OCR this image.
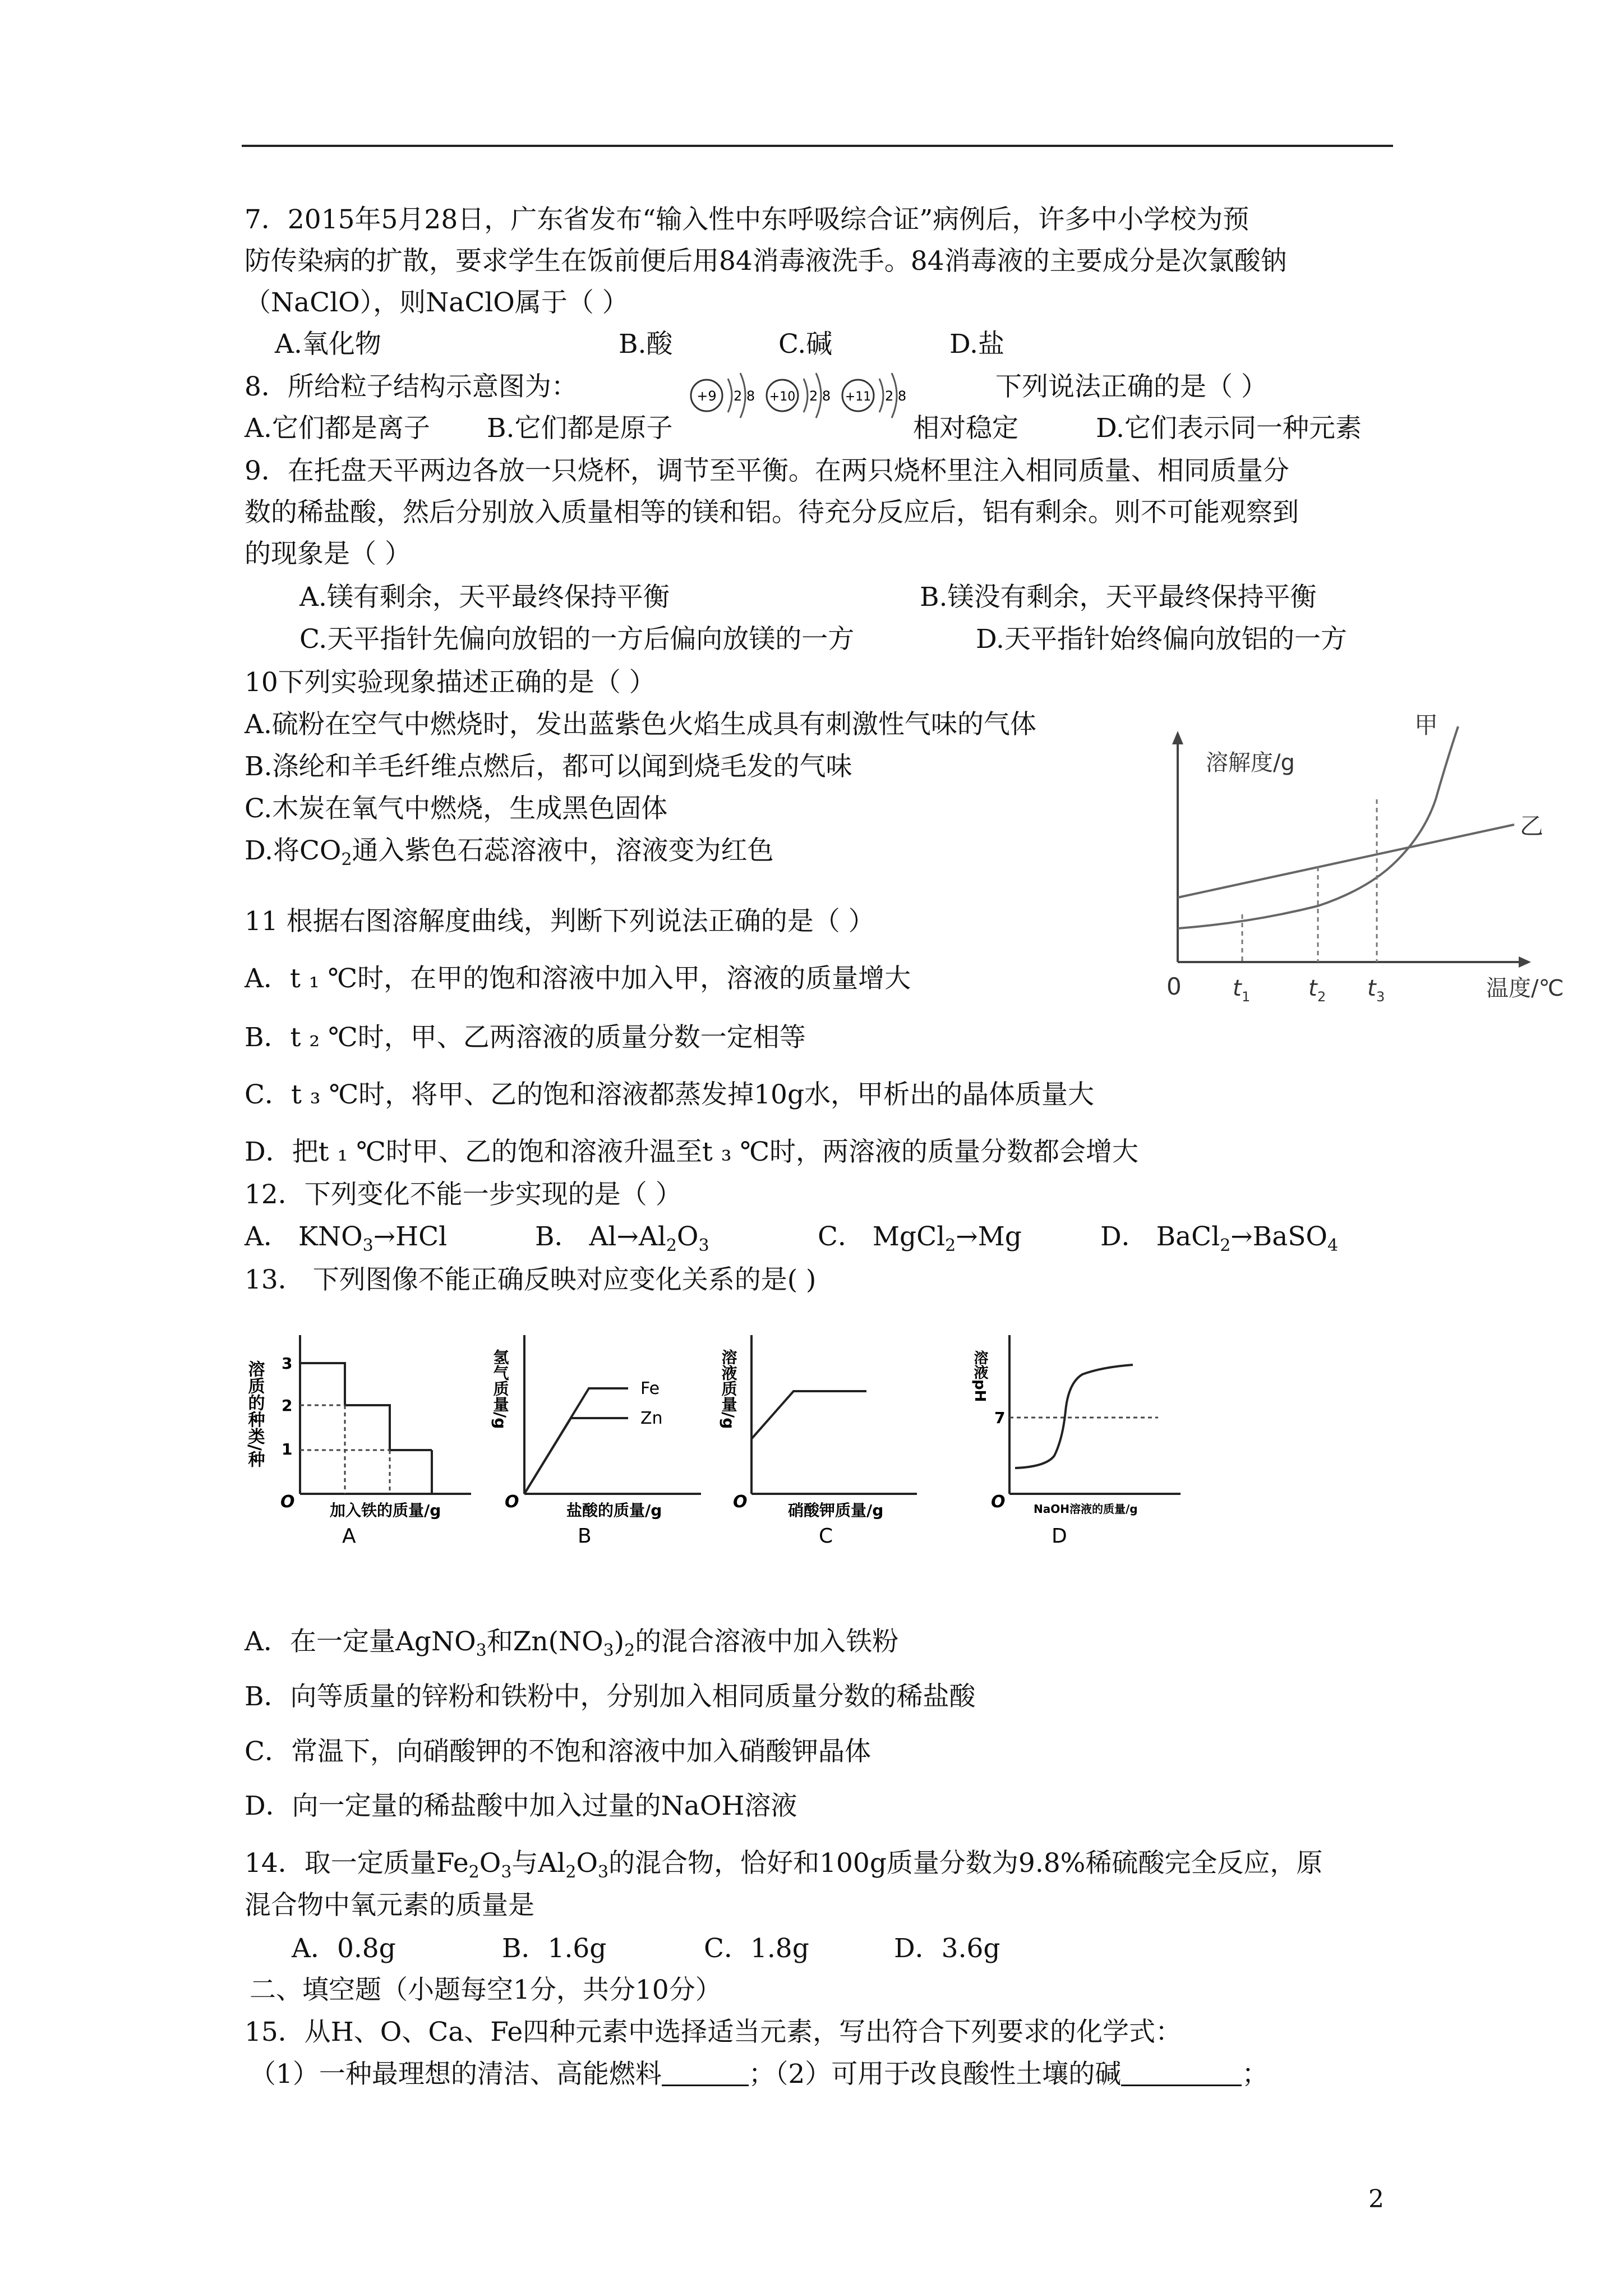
7．2015年5月28日，广东省发布“输入性中东呼吸综合证”病例后，许多中小学校为预
防传染病的扩散，要求学生在饭前便后用84消毒液洗手。84消毒液的主要成分是次氯酸钠
（NaClO），则NaClO属于（ ）
A.氧化物	B.酸	C.碱	D.盐
8．所给粒子结构示意图为：	+9 2 8 +10 2 8 +11 2 8	下列说法正确的是（ ）
A.它们都是离子 B.它们都是原子	相对稳定	D.它们表示同一种元素
9．在托盘天平两边各放一只烧杯，调节至平衡。在两只烧杯里注入相同质量、相同质量分
数的稀盐酸，然后分别放入质量相等的镁和铝。待充分反应后，铝有剩余。则不可能观察到
的现象是（ ）
A.镁有剩余，天平最终保持平衡	B.镁没有剩余，天平最终保持平衡
C.天平指针先偏向放铝的一方后偏向放镁的一方	D.天平指针始终偏向放铝的一方
10下列实验现象描述正确的是（ ）
A.硫粉在空气中燃烧时，发出蓝紫色火焰生成具有刺激性气味的气体
B.涤纶和羊毛纤维点燃后，都可以闻到烧毛发的气味
C.木炭在氧气中燃烧，生成黑色固体
D.将$CO_2$通入紫色石蕊溶液中，溶液变为红色
溶解度/g
温度/℃
0 t 1	t 2 t 3
甲
乙
11 根据右图溶解度曲线，判断下列说法正确的是（ ）
A．t ₁ ℃时，在甲的饱和溶液中加入甲，溶液的质量增大
B．t ₂ ℃时，甲、乙两溶液的质量分数一定相等
C．t ₃ ℃时，将甲、乙的饱和溶液都蒸发掉10g水，甲析出的晶体质量大
D．把t ₁ ℃时甲、乙的饱和溶液升温至t ₃ ℃时，两溶液的质量分数都会增大
12．下列变化不能一步实现的是（ ）
A． $KNO_3\to HCl$	B． $Al\to Al_2O_3$	C． MgCl$_2$→Mg	D． BaCl$_2$→BaSO$_4$
13． 下列图像不能正确反映对应变化关系的是( )
溶质的种类/种 3
2
1
O 加入铁的质量/g
A
氢气质量/g	Fe
Zn
O	盐酸的质量/g
B
溶液质量/g
O	硝酸钾质量/g
C
溶液pH
7
O	NaOH溶液的质量/g
D
A．在一定量AgNO$_3$和$Zn(NO_3)_2$的混合溶液中加入铁粉
B．向等质量的锌粉和铁粉中，分别加入相同质量分数的稀盐酸
C．常温下，向硝酸钾的不饱和溶液中加入硝酸钾晶体
D．向一定量的稀盐酸中加入过量的NaOH溶液
14．取一定质量$Fe_2O_3$与$Al_2O_3$的混合物，恰好和100g质量分数为9.8%稀硫酸完全反应，原
混合物中氧元素的质量是
A．0.8g	B．1.6g	C．1.8g	D．3.6g
二、填空题（小题每空1分，共分10分）
15．从H、O、Ca、Fe四种元素中选择适当元素，写出符合下列要求的化学式：
（1）一种最理想的清洁、高能燃料	；（2）可用于改良酸性土壤的碱	；
2
